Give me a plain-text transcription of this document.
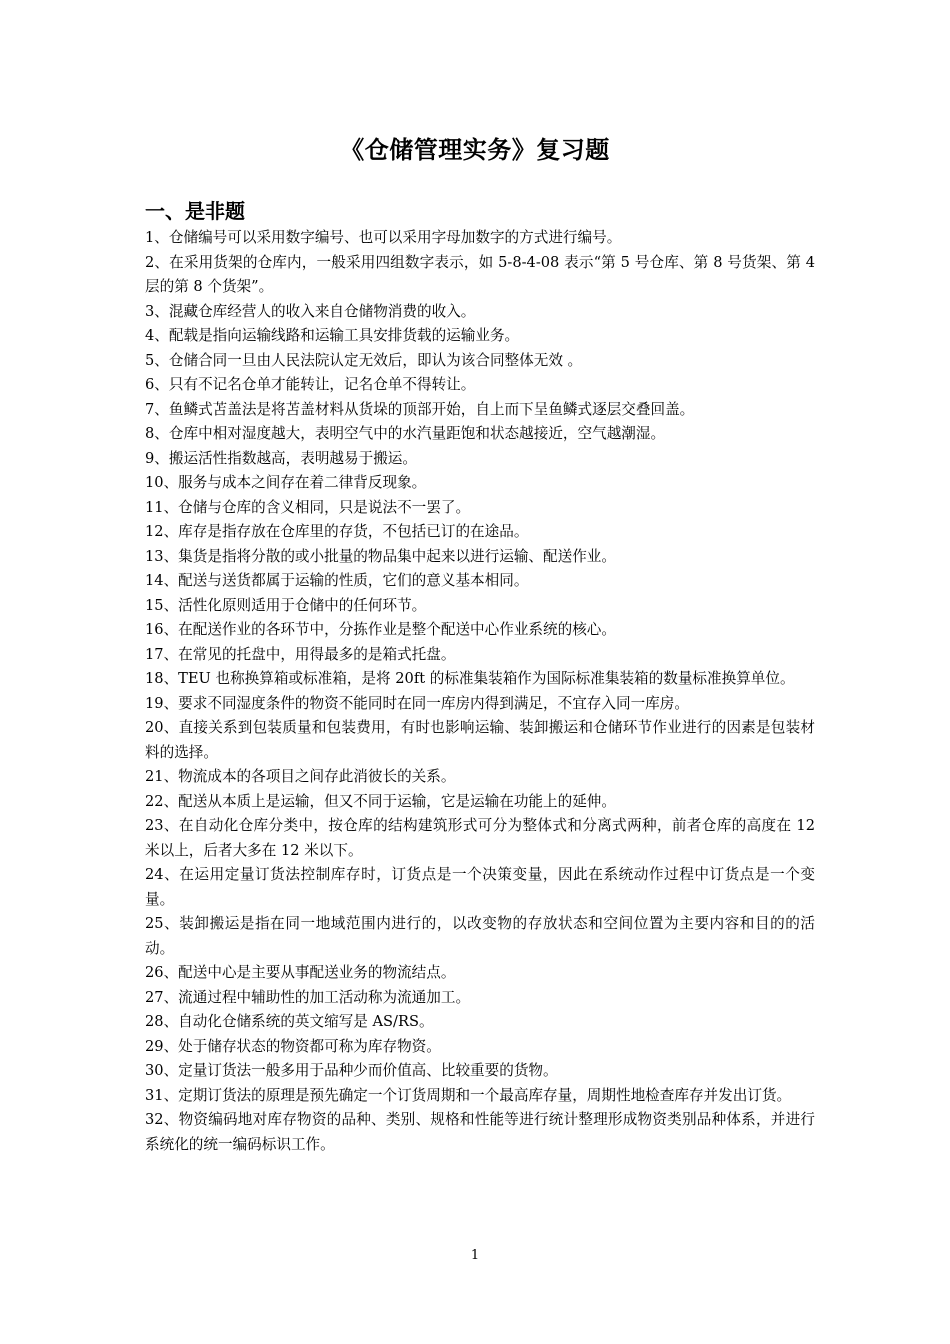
《仓储管理实务》复习题
一、是非题
1、仓储编号可以采用数字编号、也可以采用字母加数字的方式进行编号。
2、在采用货架的仓库内，一般采用四组数字表示，如 5-8-4-08 表示“第 5 号仓库、第 8 号货架、第 4 层的第 8 个货架”。
3、混藏仓库经营人的收入来自仓储物消费的收入。
4、配载是指向运输线路和运输工具安排货载的运输业务。
5、仓储合同一旦由人民法院认定无效后，即认为该合同整体无效 。
6、只有不记名仓单才能转让，记名仓单不得转让。
7、鱼鳞式苫盖法是将苫盖材料从货垛的顶部开始，自上而下呈鱼鳞式逐层交叠回盖。
8、仓库中相对湿度越大，表明空气中的水汽量距饱和状态越接近，空气越潮湿。
9、搬运活性指数越高，表明越易于搬运。
10、服务与成本之间存在着二律背反现象。
11、仓储与仓库的含义相同，只是说法不一罢了。
12、库存是指存放在仓库里的存货，不包括已订的在途品。
13、集货是指将分散的或小批量的物品集中起来以进行运输、配送作业。
14、配送与送货都属于运输的性质，它们的意义基本相同。
15、活性化原则适用于仓储中的任何环节。
16、在配送作业的各环节中，分拣作业是整个配送中心作业系统的核心。
17、在常见的托盘中，用得最多的是箱式托盘。
18、TEU 也称换算箱或标准箱，是将 20ft 的标准集装箱作为国际标准集装箱的数量标准换算单位。
19、要求不同湿度条件的物资不能同时在同一库房内得到满足，不宜存入同一库房。
20、直接关系到包装质量和包装费用，有时也影响运输、装卸搬运和仓储环节作业进行的因素是包装材料的选择。
21、物流成本的各项目之间存此消彼长的关系。
22、配送从本质上是运输，但又不同于运输，它是运输在功能上的延伸。
23、在自动化仓库分类中，按仓库的结构建筑形式可分为整体式和分离式两种，前者仓库的高度在 12 米以上，后者大多在 12 米以下。
24、在运用定量订货法控制库存时，订货点是一个决策变量，因此在系统动作过程中订货点是一个变量。
25、装卸搬运是指在同一地域范围内进行的，以改变物的存放状态和空间位置为主要内容和目的的活动。
26、配送中心是主要从事配送业务的物流结点。
27、流通过程中辅助性的加工活动称为流通加工。
28、自动化仓储系统的英文缩写是 AS/RS。
29、处于储存状态的物资都可称为库存物资。
30、定量订货法一般多用于品种少而价值高、比较重要的货物。
31、定期订货法的原理是预先确定一个订货周期和一个最高库存量，周期性地检查库存并发出订货。
32、物资编码地对库存物资的品种、类别、规格和性能等进行统计整理形成物资类别品种体系，并进行系统化的统一编码标识工作。
1
